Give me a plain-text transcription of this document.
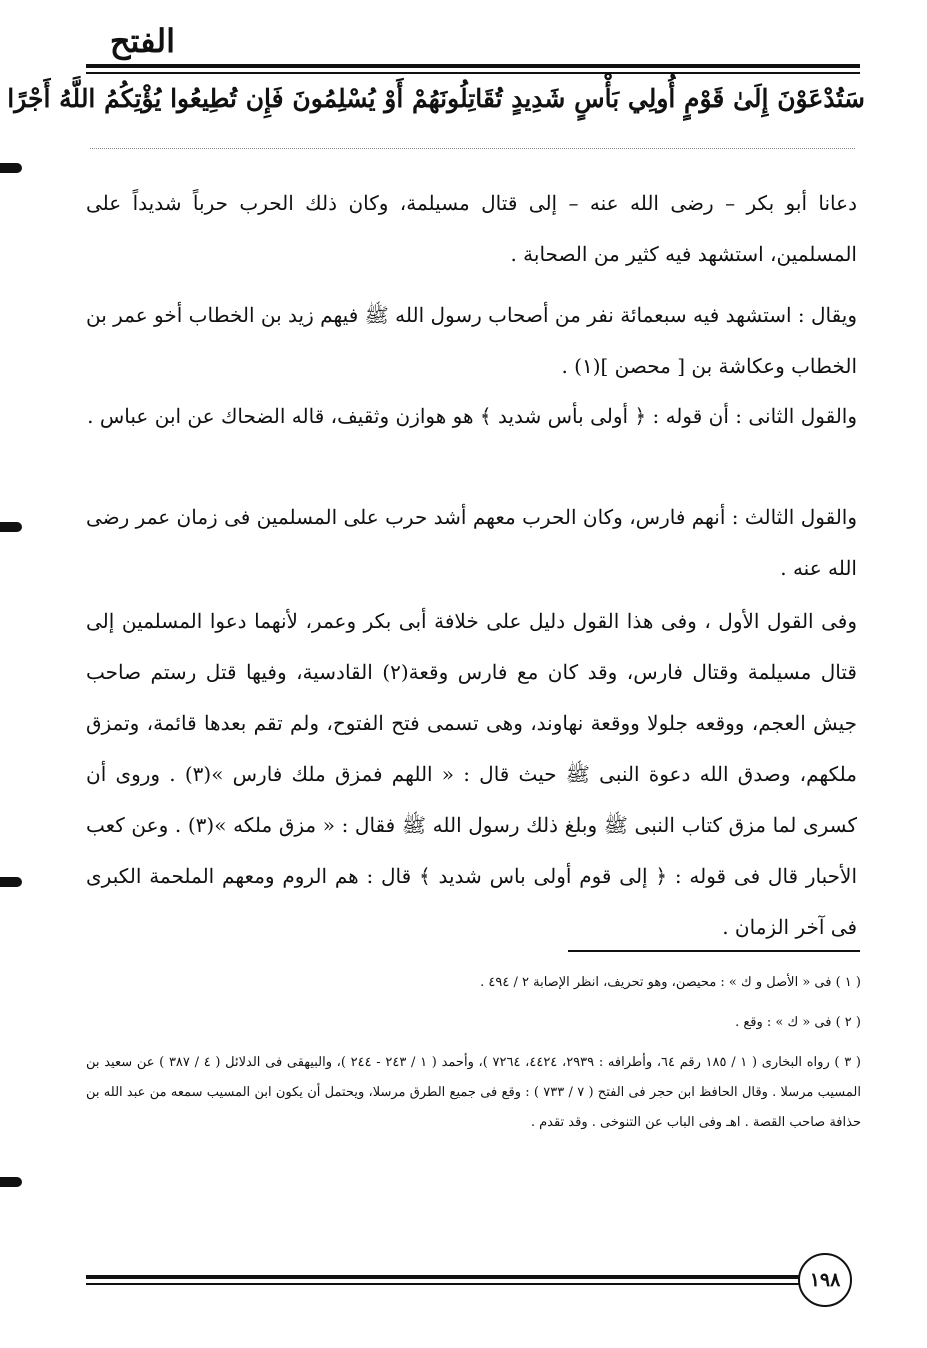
الفتح
سَتُدْعَوْنَ إِلَىٰ قَوْمٍ أُولِي بَأْسٍ شَدِيدٍ تُقَاتِلُونَهُمْ أَوْ يُسْلِمُونَ فَإِن تُطِيعُوا يُؤْتِكُمُ اللَّهُ أَجْرًا
دعانا أبو بكر – رضى الله عنه – إلى قتال مسيلمة، وكان ذلك الحرب حرباً شديداً على المسلمين، استشهد فيه كثير من الصحابة .
ويقال : استشهد فيه سبعمائة نفر من أصحاب رسول الله ﷺ فيهم زيد بن الخطاب أخو عمر بن الخطاب وعكاشة بن [ محصن ](١) .
والقول الثانى : أن قوله : ﴿ أولى بأس شديد ﴾ هو هوازن وثقيف، قاله الضحاك عن ابن عباس .
والقول الثالث : أنهم فارس، وكان الحرب معهم أشد حرب على المسلمين فى زمان عمر رضى الله عنه .
وفى القول الأول ، وفى هذا القول دليل على خلافة أبى بكر وعمر، لأنهما دعوا المسلمين إلى قتال مسيلمة وقتال فارس، وقد كان مع فارس وقعة(٢) القادسية، وفيها قتل رستم صاحب جيش العجم، ووقعه جلولا ووقعة نهاوند، وهى تسمى فتح الفتوح، ولم تقم بعدها قائمة، وتمزق ملكهم، وصدق الله دعوة النبى ﷺ حيث قال : « اللهم فمزق ملك فارس »(٣) . وروى أن كسرى لما مزق كتاب النبى ﷺ وبلغ ذلك رسول الله ﷺ فقال : « مزق ملكه »(٣) . وعن كعب الأحبار قال فى قوله : ﴿ إلى قوم أولى باس شديد ﴾ قال : هم الروم ومعهم الملحمة الكبرى فى آخر الزمان .
( ١ ) فى « الأصل و ك » : محيصن، وهو تحريف، انظر الإصابة ٢ / ٤٩٤ .
( ٢ ) فى « ك » : وقع .
( ٣ ) رواه البخارى ( ١ / ١٨٥ رقم ٦٤، وأطرافه : ٢٩٣٩، ٤٤٢٤، ٧٢٦٤ )، وأحمد ( ١ / ٢٤٣ - ٢٤٤ )، والبيهقى فى الدلائل ( ٤ / ٣٨٧ ) عن سعيد بن المسيب مرسلا . وقال الحافظ ابن حجر فى الفتح ( ٧ / ٧٣٣ ) : وقع فى جميع الطرق مرسلا، ويحتمل أن يكون ابن المسيب سمعه من عبد الله بن حذافة صاحب القصة . اهـ وفى الباب عن التنوخى . وقد تقدم .
١٩٨
